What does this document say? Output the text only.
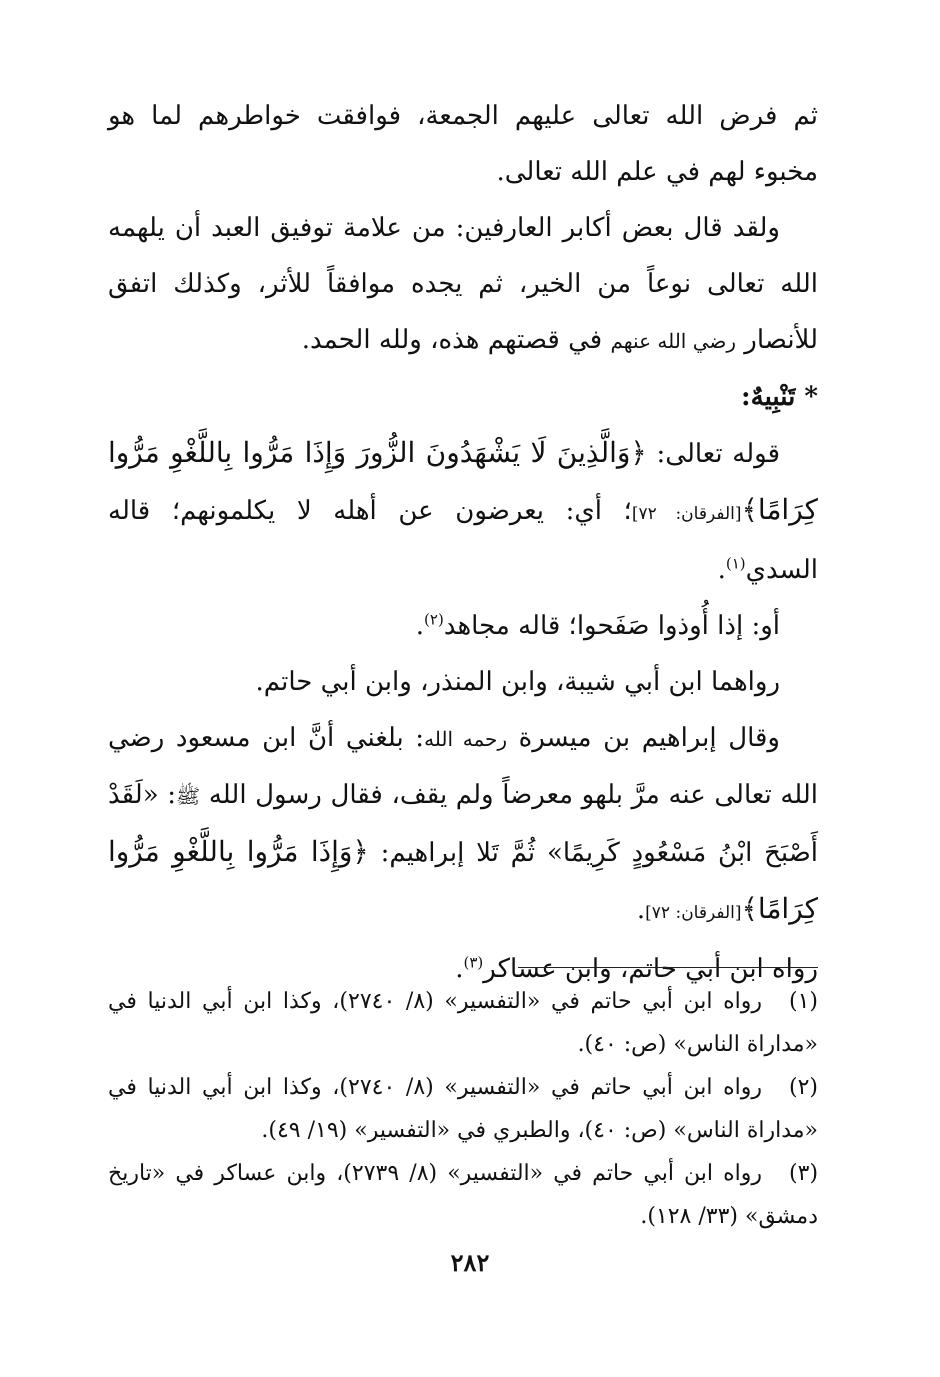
ثم فرض الله تعالى عليهم الجمعة، فوافقت خواطرهم لما هو مخبوء لهم في علم الله تعالى.

ولقد قال بعض أكابر العارفين: من علامة توفيق العبد أن يلهمه الله تعالى نوعاً من الخير، ثم يجده موافقاً للأثر، وكذلك اتفق للأنصار رضي الله عنهم في قصتهم هذه، ولله الحمد.

* تَنْبِيهٌ:

قوله تعالى: ﴿وَالَّذِينَ لَا يَشْهَدُونَ الزُّورَ وَإِذَا مَرُّوا بِاللَّغْوِ مَرُّوا كِرَامًا﴾[الفرقان: ٧٢]؛ أي: يعرضون عن أهله لا يكلمونهم؛ قاله السدي$^{(١)}$.

أو: إذا أُوذوا صَفَحوا؛ قاله مجاهد$^{(٢)}$.

رواهما ابن أبي شيبة، وابن المنذر، وابن أبي حاتم.

وقال إبراهيم بن ميسرة رحمه الله: بلغني أنَّ ابن مسعود رضي الله تعالى عنه مرَّ بلهو معرضاً ولم يقف، فقال رسول الله ﷺ: «لَقَدْ أَصْبَحَ ابْنُ مَسْعُودٍ كَرِيمًا» ثُمَّ تَلا إبراهيم: ﴿وَإِذَا مَرُّوا بِاللَّغْوِ مَرُّوا كِرَامًا﴾[الفرقان: ٧٢].

رواه ابن أبي حاتم، وابن عساكر$^{(٣)}$.

(١)رواه ابن أبي حاتم في «التفسير» (٨/ ٢٧٤٠)، وكذا ابن أبي الدنيا في «مداراة الناس» (ص: ٤٠).

(٢)رواه ابن أبي حاتم في «التفسير» (٨/ ٢٧٤٠)، وكذا ابن أبي الدنيا في «مداراة الناس» (ص: ٤٠)، والطبري في «التفسير» (١٩/ ٤٩).

(٣)رواه ابن أبي حاتم في «التفسير» (٨/ ٢٧٣٩)، وابن عساكر في «تاريخ دمشق» (٣٣/ ١٢٨).

٢٨٢
